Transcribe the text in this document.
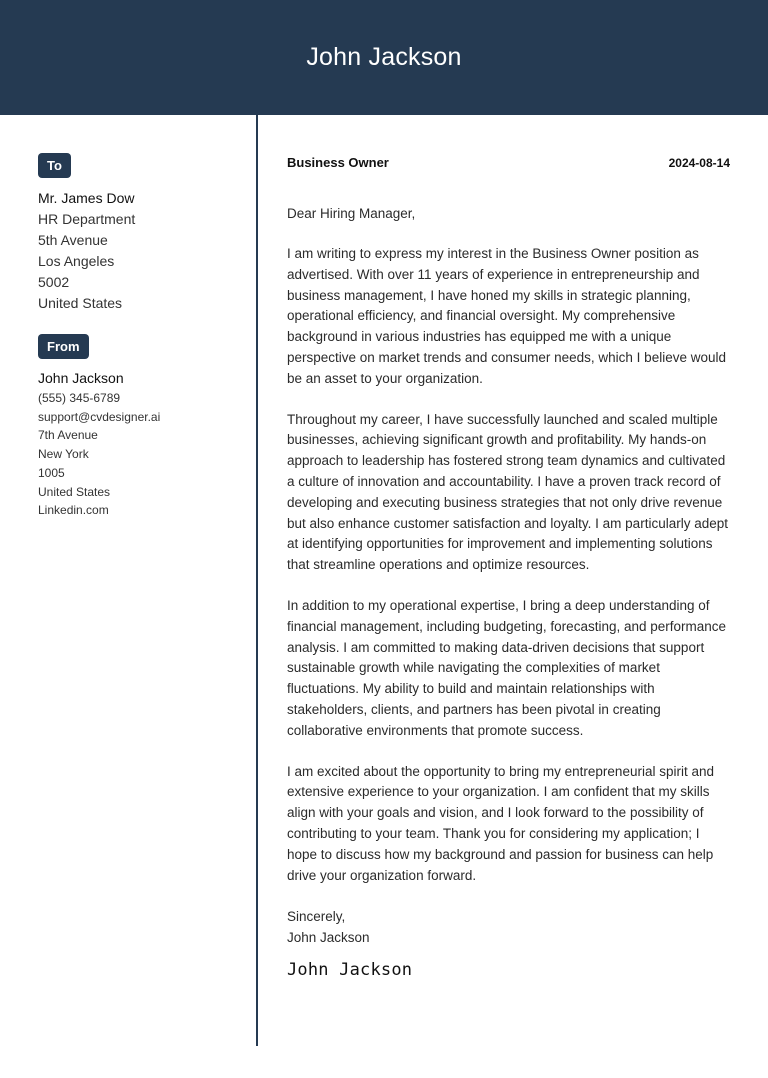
John Jackson
To
Mr. James Dow
HR Department
5th Avenue
Los Angeles
5002
United States
From
John Jackson
(555) 345-6789
support@cvdesigner.ai
7th Avenue
New York
1005
United States
Linkedin.com
Business Owner	2024-08-14
Dear Hiring Manager,
I am writing to express my interest in the Business Owner position as advertised. With over 11 years of experience in entrepreneurship and business management, I have honed my skills in strategic planning, operational efficiency, and financial oversight. My comprehensive background in various industries has equipped me with a unique perspective on market trends and consumer needs, which I believe would be an asset to your organization.
Throughout my career, I have successfully launched and scaled multiple businesses, achieving significant growth and profitability. My hands-on approach to leadership has fostered strong team dynamics and cultivated a culture of innovation and accountability. I have a proven track record of developing and executing business strategies that not only drive revenue but also enhance customer satisfaction and loyalty. I am particularly adept at identifying opportunities for improvement and implementing solutions that streamline operations and optimize resources.
In addition to my operational expertise, I bring a deep understanding of financial management, including budgeting, forecasting, and performance analysis. I am committed to making data-driven decisions that support sustainable growth while navigating the complexities of market fluctuations. My ability to build and maintain relationships with stakeholders, clients, and partners has been pivotal in creating collaborative environments that promote success.
I am excited about the opportunity to bring my entrepreneurial spirit and extensive experience to your organization. I am confident that my skills align with your goals and vision, and I look forward to the possibility of contributing to your team. Thank you for considering my application; I hope to discuss how my background and passion for business can help drive your organization forward.
Sincerely,
John Jackson
John Jackson
